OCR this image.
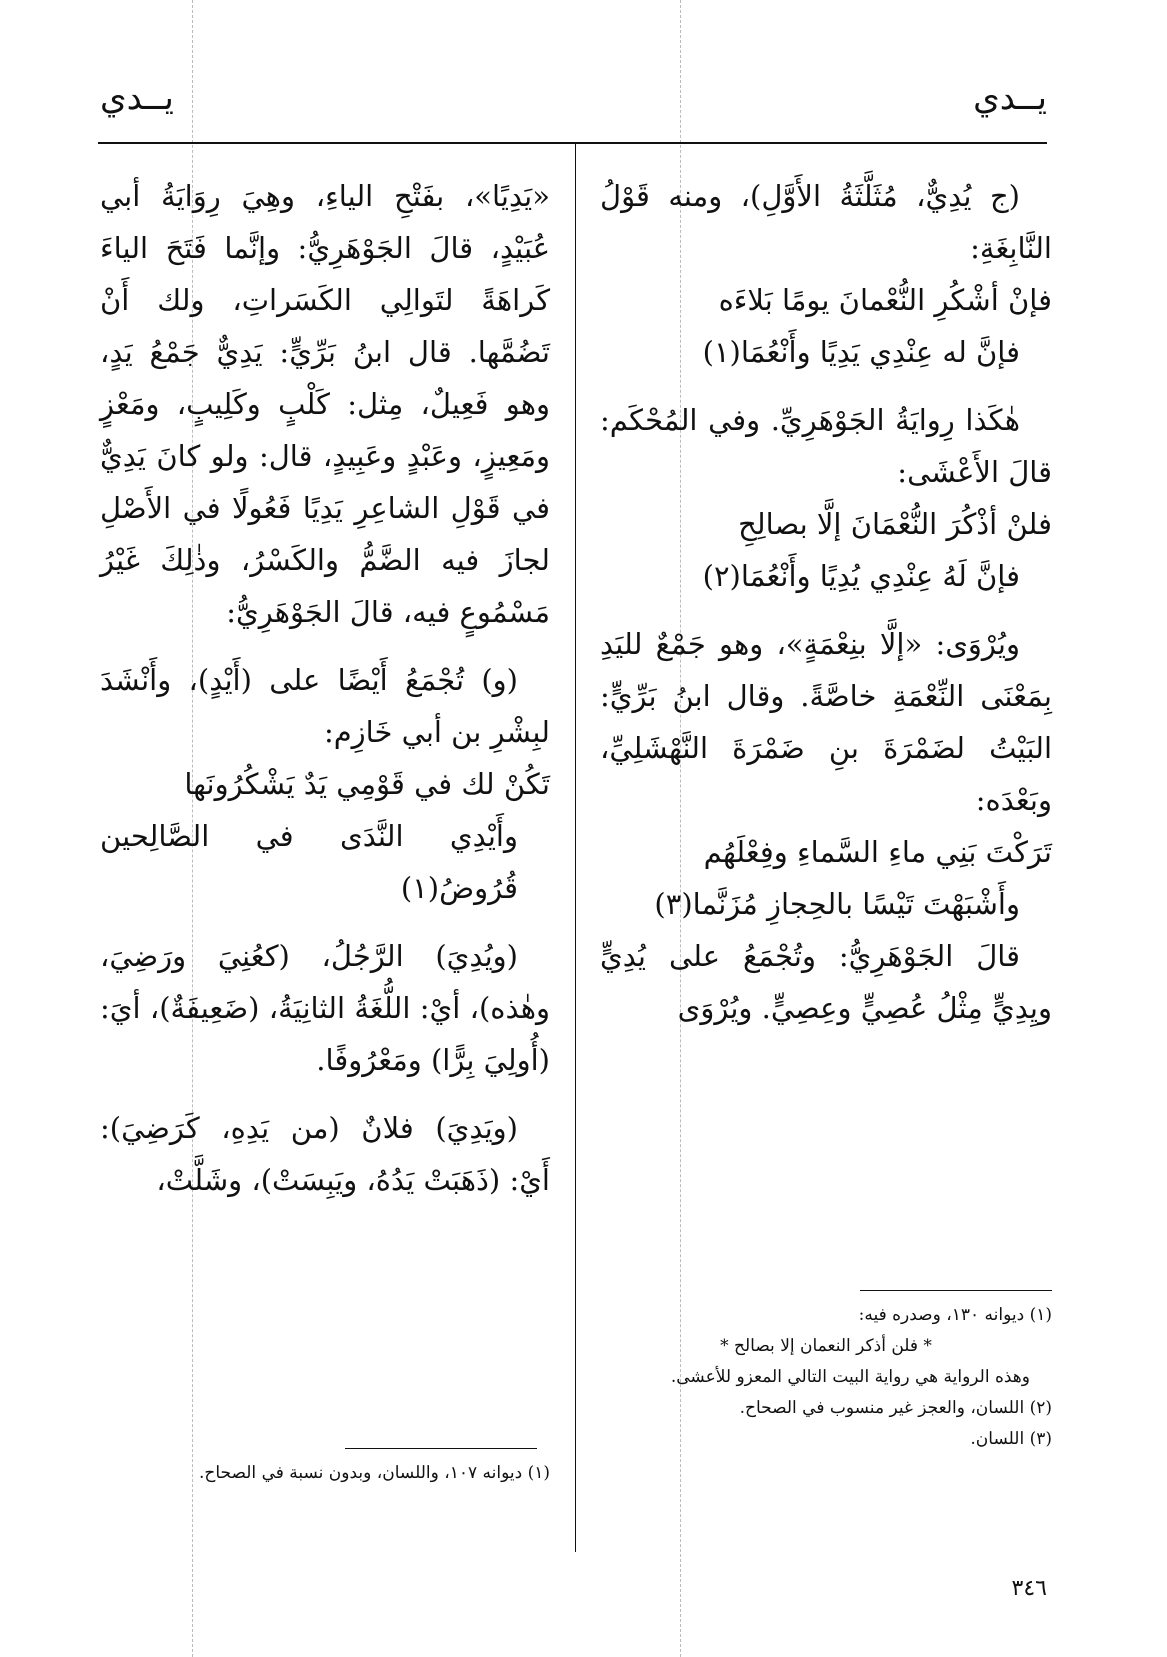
يــدي
يــدي

(ج يُدِيٌّ، مُثَلَّثَةُ الأَوَّلِ)، ومنه قَوْلُ النَّابِغَةِ:

فإنْ أشْكُرِ النُّعْمانَ يومًا بَلاءَه

فإنَّ له عِنْدِي يَدِيًا وأَنْعُمَا(١)

هٰكَذا رِوايَةُ الجَوْهَرِيِّ. وفي المُحْكَم: قالَ الأَعْشَى:

فلنْ أذْكُرَ النُّعْمَانَ إلَّا بصالِحِ

فإنَّ لَهُ عِنْدِي يُدِيًا وأَنْعُمَا(٢)

ويُرْوَى: «إلَّا بنِعْمَةٍ»، وهو جَمْعٌ لليَدِ بِمَعْنَى النِّعْمَةِ خاصَّةً. وقال ابنُ بَرِّيٍّ: البَيْتُ لضَمْرَةَ بنِ ضَمْرَةَ النَّهْشَلِيِّ، وبَعْدَه:

تَرَكْتَ بَنِي ماءِ السَّماءِ وفِعْلَهُم

وأَشْبَهْتَ تَيْسًا بالحِجازِ مُزَنَّما(٣)

قالَ الجَوْهَرِيُّ: وتُجْمَعُ على يُدِيٍّ ويِدِيٍّ مِثْلُ عُصِيٍّ وعِصِيٍّ. ويُرْوَى

(١) ديوانه ١٣٠، وصدره فيه:

* فلن أذكر النعمان إلا بصالح *

وهذه الرواية هي رواية البيت التالي المعزو للأعشى.

(٢) اللسان، والعجز غير منسوب في الصحاح.

(٣) اللسان.

«يَدِيًا»، بفَتْحِ الياءِ، وهِيَ رِوَايَةُ أبي عُبَيْدٍ، قالَ الجَوْهَرِيُّ: وإنَّما فَتَحَ الياءَ كَراهَةً لتَوالِي الكَسَراتِ، ولك أَنْ تَضُمَّها. قال ابنُ بَرِّيٍّ: يَدِيٌّ جَمْعُ يَدٍ، وهو فَعِيلٌ، مِثل: كَلْبٍ وكَلِيبٍ، ومَعْزٍ ومَعِيزٍ، وعَبْدٍ وعَبِيدٍ، قال: ولو كانَ يَدِيٌّ في قَوْلِ الشاعِرِ يَدِيًا فَعُولًا في الأَصْلِ لجازَ فيه الضَّمُّ والكَسْرُ، وذٰلِكَ غَيْرُ مَسْمُوعٍ فيه، قالَ الجَوْهَرِيُّ:

(و) تُجْمَعُ أَيْضًا على (أَيْدٍ)، وأَنْشَدَ لبِشْرِ بن أبي خَازِم:

تَكُنْ لك في قَوْمِي يَدٌ يَشْكُرُونَها

وأَيْدِي النَّدَى في الصَّالِحين قُرُوضُ(١)

(ويُدِيَ) الرَّجُلُ، (كعُنِيَ ورَضِيَ، وهٰذه)، أيْ: اللُّغَةُ الثانِيَةُ، (ضَعِيفَةٌ)، أيَ: (أُولِيَ بِرًّا) ومَعْرُوفًا.

(ويَدِيَ) فلانٌ (من يَدِهِ، كَرَضِيَ): أَيْ: (ذَهَبَتْ يَدُهُ، ويَبِسَتْ)، وشَلَّتْ،

(١) ديوانه ١٠٧، واللسان، وبدون نسبة في الصحاح.

٣٤٦
